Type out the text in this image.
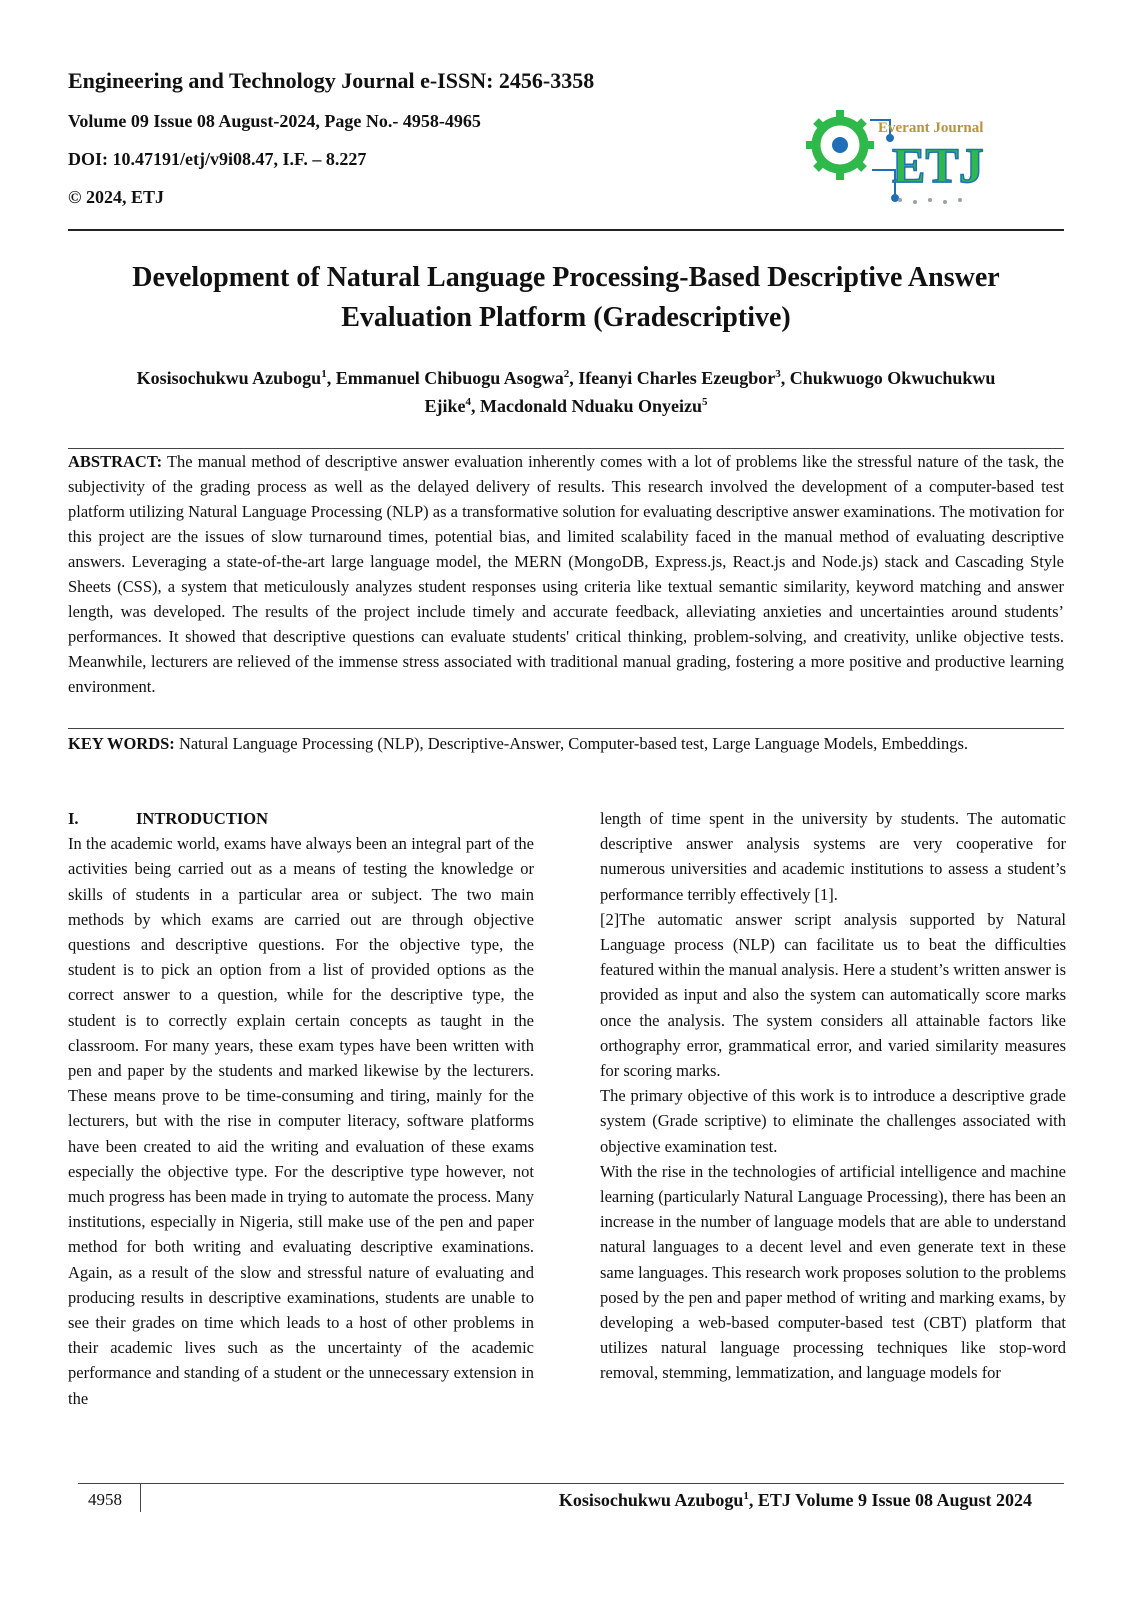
Engineering and Technology Journal e-ISSN: 2456-3358
Volume 09 Issue 08 August-2024, Page No.- 4958-4965
DOI: 10.47191/etj/v9i08.47, I.F. – 8.227
© 2024, ETJ
Everant Journal
ETJ
Development of Natural Language Processing-Based Descriptive Answer
Evaluation Platform (Gradescriptive)
Kosisochukwu Azubogu$^1$, Emmanuel Chibuogu Asogwa$^2$, Ifeanyi Charles Ezeugbor$^3$, Chukwuogo Okwuchukwu Ejike$^4$, Macdonald Nduaku Onyeizu$^5$
ABSTRACT: The manual method of descriptive answer evaluation inherently comes with a lot of problems like the stressful nature of the task, the subjectivity of the grading process as well as the delayed delivery of results. This research involved the development of a computer-based test platform utilizing Natural Language Processing (NLP) as a transformative solution for evaluating descriptive answer examinations. The motivation for this project are the issues of slow turnaround times, potential bias, and limited scalability faced in the manual method of evaluating descriptive answers. Leveraging a state-of-the-art large language model, the MERN (MongoDB, Express.js, React.js and Node.js) stack and Cascading Style Sheets (CSS), a system that meticulously analyzes student responses using criteria like textual semantic similarity, keyword matching and answer length, was developed. The results of the project include timely and accurate feedback, alleviating anxieties and uncertainties around students’ performances. It showed that descriptive questions can evaluate students' critical thinking, problem-solving, and creativity, unlike objective tests. Meanwhile, lecturers are relieved of the immense stress associated with traditional manual grading, fostering a more positive and productive learning environment.
KEY WORDS: Natural Language Processing (NLP), Descriptive-Answer, Computer-based test, Large Language Models, Embeddings.
I.	INTRODUCTION

In the academic world, exams have always been an integral part of the activities being carried out as a means of testing the knowledge or skills of students in a particular area or subject. The two main methods by which exams are carried out are through objective questions and descriptive questions. For the objective type, the student is to pick an option from a list of provided options as the correct answer to a question, while for the descriptive type, the student is to correctly explain certain concepts as taught in the classroom. For many years, these exam types have been written with pen and paper by the students and marked likewise by the lecturers. These means prove to be time-consuming and tiring, mainly for the lecturers, but with the rise in computer literacy, software platforms have been created to aid the writing and evaluation of these exams especially the objective type. For the descriptive type however, not much progress has been made in trying to automate the process. Many institutions, especially in Nigeria, still make use of the pen and paper method for both writing and evaluating descriptive examinations. Again, as a result of the slow and stressful nature of evaluating and producing results in descriptive examinations, students are unable to see their grades on time which leads to a host of other problems in their academic lives such as the uncertainty of the academic performance and standing of a student or the unnecessary extension in the

length of time spent in the university by students. The automatic descriptive answer analysis systems are very cooperative for numerous universities and academic institutions to assess a student’s performance terribly effectively [1].

[2]The automatic answer script analysis supported by Natural Language process (NLP) can facilitate us to beat the difficulties featured within the manual analysis. Here a student’s written answer is provided as input and also the system can automatically score marks once the analysis. The system considers all attainable factors like orthography error, grammatical error, and varied similarity measures for scoring marks.

The primary objective of this work is to introduce a descriptive grade system (Grade scriptive) to eliminate the challenges associated with objective examination test.

With the rise in the technologies of artificial intelligence and machine learning (particularly Natural Language Processing), there has been an increase in the number of language models that are able to understand natural languages to a decent level and even generate text in these same languages. This research work proposes solution to the problems posed by the pen and paper method of writing and marking exams, by developing a web-based computer-based test (CBT) platform that utilizes natural language processing techniques like stop-word removal, stemming, lemmatization, and language models for

4958	Kosisochukwu Azubogu$^1$, ETJ Volume 9 Issue 08 August 2024
